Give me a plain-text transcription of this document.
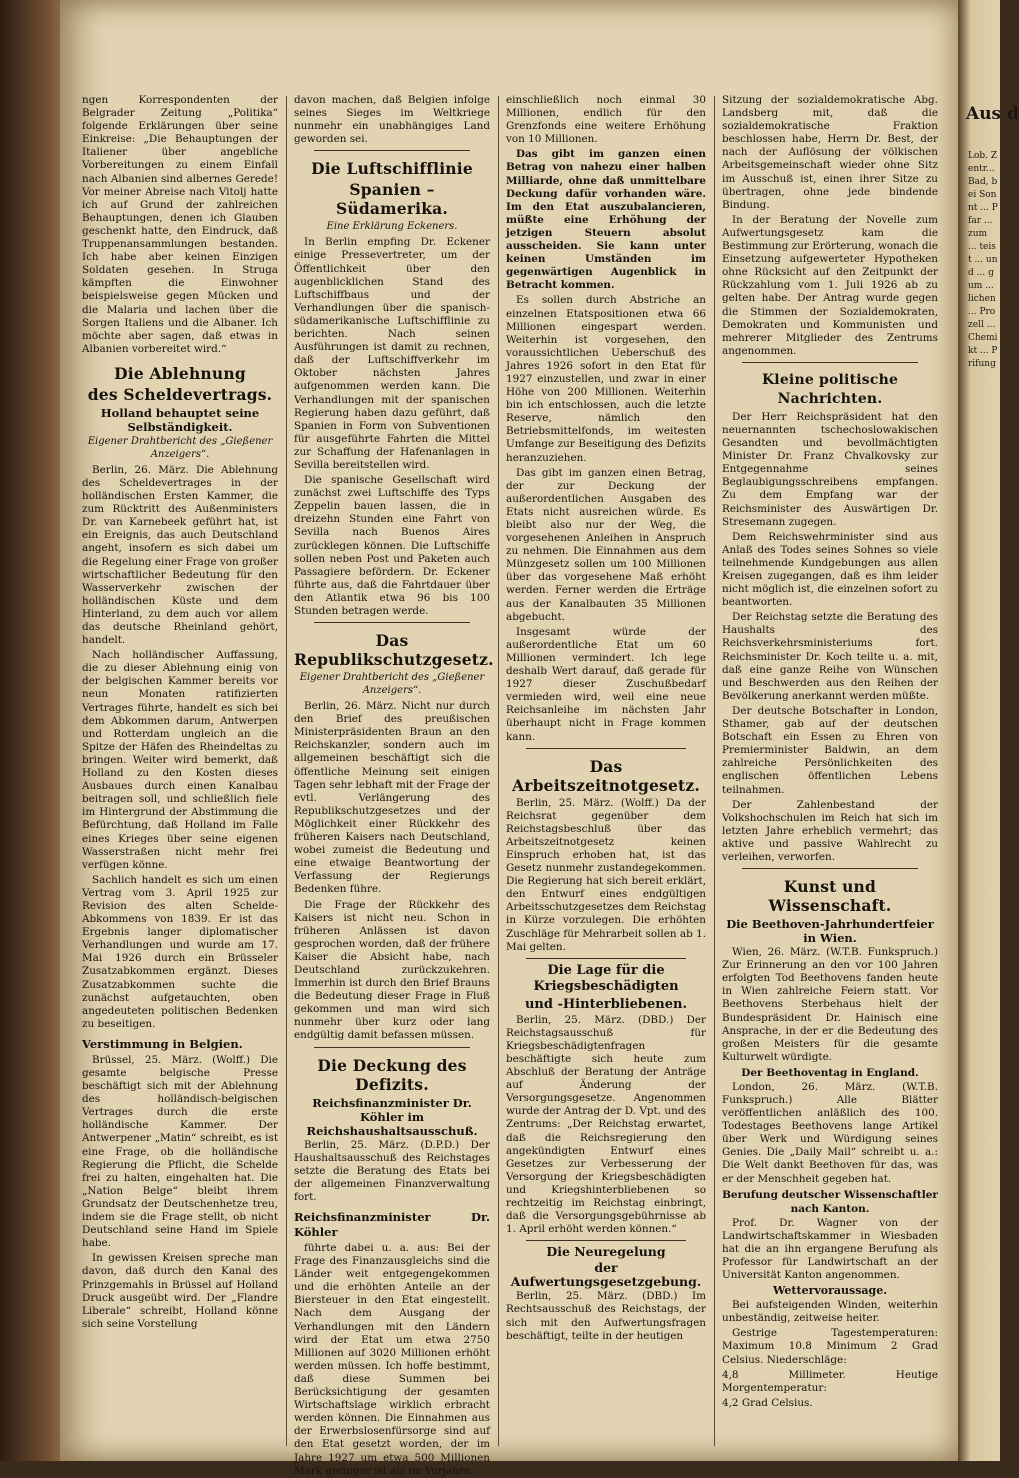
ngen Korrespondenten der Belgrader Zeitung „Politika“ folgende Erklärungen über seine Einkreise: „Die Behauptungen der Italiener über angebliche Vorbereitungen zu einem Einfall nach Albanien sind albernes Gerede! Vor meiner Abreise nach Vitolj hatte ich auf Grund der zahlreichen Behauptungen, denen ich Glauben geschenkt hatte, den Eindruck, daß Truppenansammlungen bestanden. Ich habe aber keinen Einzigen Soldaten gesehen. In Struga kämpften die Einwohner beispielsweise gegen Mücken und die Malaria und lachen über die Sorgen Italiens und die Albaner. Ich möchte aber sagen, daß etwas in Albanien vorbereitet wird.“

Die Ablehnung
des Scheldevertrags.
Holland behauptet seine Selbständigkeit.
Eigener Drahtbericht des „Gießener Anzeigers“.

Berlin, 26. März. Die Ablehnung des Scheldevertrages in der holländischen Ersten Kammer, die zum Rücktritt des Außenministers Dr. van Karnebeek geführt hat, ist ein Ereignis, das auch Deutschland angeht, insofern es sich dabei um die Regelung einer Frage von großer wirtschaftlicher Bedeutung für den Wasserverkehr zwischen der holländischen Küste und dem Hinterland, zu dem auch vor allem das deutsche Rheinland gehört, handelt.

Nach holländischer Auffassung, die zu dieser Ablehnung einig von der belgischen Kammer bereits vor neun Monaten ratifizierten Vertrages führte, handelt es sich bei dem Abkommen darum, Antwerpen und Rotterdam ungleich an die Spitze der Häfen des Rheindeltas zu bringen. Weiter wird bemerkt, daß Holland zu den Kosten dieses Ausbaues durch einen Kanalbau beitragen soll, und schließlich fiele im Hintergrund der Abstimmung die Befürchtung, daß Holland im Falle eines Krieges über seine eigenen Wasserstraßen nicht mehr frei verfügen könne.

Sachlich handelt es sich um einen Vertrag vom 3. April 1925 zur Revision des alten Schelde-Abkommens von 1839. Er ist das Ergebnis langer diplomatischer Verhandlungen und wurde am 17. Mai 1926 durch ein Brüsseler Zusatzabkommen ergänzt. Dieses Zusatzabkommen suchte die zunächst aufgetauchten, oben angedeuteten politischen Bedenken zu beseitigen.

Verstimmung in Belgien.

Brüssel, 25. März. (Wolff.) Die gesamte belgische Presse beschäftigt sich mit der Ablehnung des holländisch-belgischen Vertrages durch die erste holländische Kammer. Der Antwerpener „Matin“ schreibt, es ist eine Frage, ob die holländische Regierung die Pflicht, die Schelde frei zu halten, eingehalten hat. Die „Nation Belge“ bleibt ihrem Grundsatz der Deutschenhetze treu, indem sie die Frage stellt, ob nicht Deutschland seine Hand im Spiele habe.

In gewissen Kreisen spreche man davon, daß durch den Kanal des Prinzgemahls in Brüssel auf Holland Druck ausgeübt wird. Der „Flandre Liberale“ schreibt, Holland könne sich seine Vorstellung

davon machen, daß Belgien infolge seines Sieges im Weltkriege nunmehr ein unabhängiges Land geworden sei.

Die Luftschifflinie
Spanien – Südamerika.
Eine Erklärung Eckeners.

In Berlin empfing Dr. Eckener einige Pressevertreter, um der Öffentlichkeit über den augenblicklichen Stand des Luftschiffbaus und der Verhandlungen über die spanisch-südamerikanische Luftschifflinie zu berichten. Nach seinen Ausführungen ist damit zu rechnen, daß der Luftschiffverkehr im Oktober nächsten Jahres aufgenommen werden kann. Die Verhandlungen mit der spanischen Regierung haben dazu geführt, daß Spanien in Form von Subventionen für ausgeführte Fahrten die Mittel zur Schaffung der Hafenanlagen in Sevilla bereitstellen wird.

Die spanische Gesellschaft wird zunächst zwei Luftschiffe des Typs Zeppelin bauen lassen, die in dreizehn Stunden eine Fahrt von Sevilla nach Buenos Aires zurücklegen können. Die Luftschiffe sollen neben Post und Paketen auch Passagiere befördern. Dr. Eckener führte aus, daß die Fahrtdauer über den Atlantik etwa 96 bis 100 Stunden betragen werde.

Das Republikschutzgesetz.
Eigener Drahtbericht des „Gießener Anzeigers“.

Berlin, 26. März. Nicht nur durch den Brief des preußischen Ministerpräsidenten Braun an den Reichskanzler, sondern auch im allgemeinen beschäftigt sich die öffentliche Meinung seit einigen Tagen sehr lebhaft mit der Frage der evtl. Verlängerung des Republikschutzgesetzes und der Möglichkeit einer Rückkehr des früheren Kaisers nach Deutschland, wobei zumeist die Bedeutung und eine etwaige Beantwortung der Verfassung der Regierungs Bedenken führe.

Die Frage der Rückkehr des Kaisers ist nicht neu. Schon in früheren Anlässen ist davon gesprochen worden, daß der frühere Kaiser die Absicht habe, nach Deutschland zurückzukehren. Immerhin ist durch den Brief Brauns die Bedeutung dieser Frage in Fluß gekommen und man wird sich nunmehr über kurz oder lang endgültig damit befassen müssen.

Die Deckung des Defizits.
Reichsfinanzminister Dr. Köhler im Reichshaushaltsausschuß.

Berlin, 25. März. (D.P.D.) Der Haushaltsausschuß des Reichstages setzte die Beratung des Etats bei der allgemeinen Finanzverwaltung fort.

Reichsfinanzminister Dr. Köhler

führte dabei u. a. aus: Bei der Frage des Finanzausgleichs sind die Länder weit entgegengekommen und die erhöhten Anteile an der Biersteuer in den Etat eingestellt. Nach dem Ausgang der Verhandlungen mit den Ländern wird der Etat um etwa 2750 Millionen auf 3020 Millionen erhöht werden müssen. Ich hoffe bestimmt, daß diese Summen bei Berücksichtigung der gesamten Wirtschaftslage wirklich erbracht werden können. Die Einnahmen aus der Erwerbslosenfürsorge sind auf den Etat gesetzt worden, der im Jahre 1927 um etwa 500 Millionen Mark geringer ist als im Vorjahre.

einschließlich noch einmal 30 Millionen, endlich für den Grenzfonds eine weitere Erhöhung von 10 Millionen.

Das gibt im ganzen einen Betrag von nahezu einer halben Milliarde, ohne daß unmittelbare Deckung dafür vorhanden wäre. Im den Etat auszubalancieren, müßte eine Erhöhung der jetzigen Steuern absolut ausscheiden. Sie kann unter keinen Umständen im gegenwärtigen Augenblick in Betracht kommen.

Es sollen durch Abstriche an einzelnen Etatspositionen etwa 66 Millionen eingespart werden. Weiterhin ist vorgesehen, den voraussichtlichen Ueberschuß des Jahres 1926 sofort in den Etat für 1927 einzustellen, und zwar in einer Höhe von 200 Millionen. Weiterhin bin ich entschlossen, auch die letzte Reserve, nämlich den Betriebsmittelfonds, im weitesten Umfange zur Beseitigung des Defizits heranzuziehen.

Das gibt im ganzen einen Betrag, der zur Deckung der außerordentlichen Ausgaben des Etats nicht ausreichen würde. Es bleibt also nur der Weg, die vorgesehenen Anleihen in Anspruch zu nehmen. Die Einnahmen aus dem Münzgesetz sollen um 100 Millionen über das vorgesehene Maß erhöht werden. Ferner werden die Erträge aus der Kanalbauten 35 Millionen abgebucht.

Insgesamt würde der außerordentliche Etat um 60 Millionen vermindert. Ich lege deshalb Wert darauf, daß gerade für 1927 dieser Zuschußbedarf vermieden wird, weil eine neue Reichsanleihe im nächsten Jahr überhaupt nicht in Frage kommen kann.

Das Arbeitszeitnotgesetz.

Berlin, 25. März. (Wolff.) Da der Reichsrat gegenüber dem Reichstagsbeschluß über das Arbeitszeitnotgesetz keinen Einspruch erhoben hat, ist das Gesetz nunmehr zustandegekommen. Die Regierung hat sich bereit erklärt, den Entwurf eines endgültigen Arbeitsschutzgesetzes dem Reichstag in Kürze vorzulegen. Die erhöhten Zuschläge für Mehrarbeit sollen ab 1. Mai gelten.

Die Lage für die Kriegsbeschädigten
und -Hinterbliebenen.

Berlin, 25. März. (DBD.) Der Reichstagsausschuß für Kriegsbeschädigtenfragen beschäftigte sich heute zum Abschluß der Beratung der Anträge auf Änderung der Versorgungsgesetze. Angenommen wurde der Antrag der D. Vpt. und des Zentrums: „Der Reichstag erwartet, daß die Reichsregierung den angekündigten Entwurf eines Gesetzes zur Verbesserung der Versorgung der Kriegsbeschädigten und Kriegshinterbliebenen so rechtzeitig im Reichstag einbringt, daß die Versorgungsgebührnisse ab 1. April erhöht werden können.“

Die Neuregelung
der Aufwertungsgesetzgebung.

Berlin, 25. März. (DBD.) Im Rechtsausschuß des Reichstags, der sich mit den Aufwertungsfragen beschäftigt, teilte in der heutigen

Sitzung der sozialdemokratische Abg. Landsberg mit, daß die sozialdemokratische Fraktion beschlossen habe, Herrn Dr. Best, der nach der Auflösung der völkischen Arbeitsgemeinschaft wieder ohne Sitz im Ausschuß ist, einen ihrer Sitze zu übertragen, ohne jede bindende Bindung.

In der Beratung der Novelle zum Aufwertungsgesetz kam die Bestimmung zur Erörterung, wonach die Einsetzung aufgewerteter Hypotheken ohne Rücksicht auf den Zeitpunkt der Rückzahlung vom 1. Juli 1926 ab zu gelten habe. Der Antrag wurde gegen die Stimmen der Sozialdemokraten, Demokraten und Kommunisten und mehrerer Mitglieder des Zentrums angenommen.

Kleine politische Nachrichten.

Der Herr Reichspräsident hat den neuernannten tschechoslowakischen Gesandten und bevollmächtigten Minister Dr. Franz Chvalkovsky zur Entgegennahme seines Beglaubigungsschreibens empfangen. Zu dem Empfang war der Reichsminister des Auswärtigen Dr. Stresemann zugegen.

Dem Reichswehrminister sind aus Anlaß des Todes seines Sohnes so viele teilnehmende Kundgebungen aus allen Kreisen zugegangen, daß es ihm leider nicht möglich ist, die einzelnen sofort zu beantworten.

Der Reichstag setzte die Beratung des Haushalts des Reichsverkehrsministeriums fort. Reichsminister Dr. Koch teilte u. a. mit, daß eine ganze Reihe von Wünschen und Beschwerden aus den Reihen der Bevölkerung anerkannt werden müßte.

Der deutsche Botschafter in London, Sthamer, gab auf der deutschen Botschaft ein Essen zu Ehren von Premierminister Baldwin, an dem zahlreiche Persönlichkeiten des englischen öffentlichen Lebens teilnahmen.

Der Zahlenbestand der Volkshochschulen im Reich hat sich im letzten Jahre erheblich vermehrt; das aktive und passive Wahlrecht zu verleihen, verworfen.

Kunst und Wissenschaft.
Die Beethoven-Jahrhundertfeier in Wien.

Wien, 26. März. (W.T.B. Funkspruch.) Zur Erinnerung an den vor 100 Jahren erfolgten Tod Beethovens fanden heute in Wien zahlreiche Feiern statt. Vor Beethovens Sterbehaus hielt der Bundespräsident Dr. Hainisch eine Ansprache, in der er die Bedeutung des großen Meisters für die gesamte Kulturwelt würdigte.

Der Beethoventag in England.

London, 26. März. (W.T.B. Funkspruch.) Alle Blätter veröffentlichen anläßlich des 100. Todestages Beethovens lange Artikel über Werk und Würdigung seines Genies. Die „Daily Mail“ schreibt u. a.: Die Welt dankt Beethoven für das, was er der Menschheit gegeben hat.

Berufung deutscher Wissenschaftler nach Kanton.

Prof. Dr. Wagner von der Landwirtschaftskammer in Wiesbaden hat die an ihn ergangene Berufung als Professor für Landwirtschaft an der Universität Kanton angenommen.

Wettervoraussage.

Bei aufsteigenden Winden, weiterhin unbeständig, zeitweise heiter.

Gestrige Tagestemperaturen: Maximum 10.8 Minimum 2 Grad Celsius. Niederschläge:

4,8 Millimeter. Heutige Morgentemperatur:

4,2 Grad Celsius.

Aus d
Lob. Zentr... Bad, bei Sonnt ... Pfar ... zum ... teist ... und ... gum ... lichen ... Prozell ... Chemikt ... Prifung
